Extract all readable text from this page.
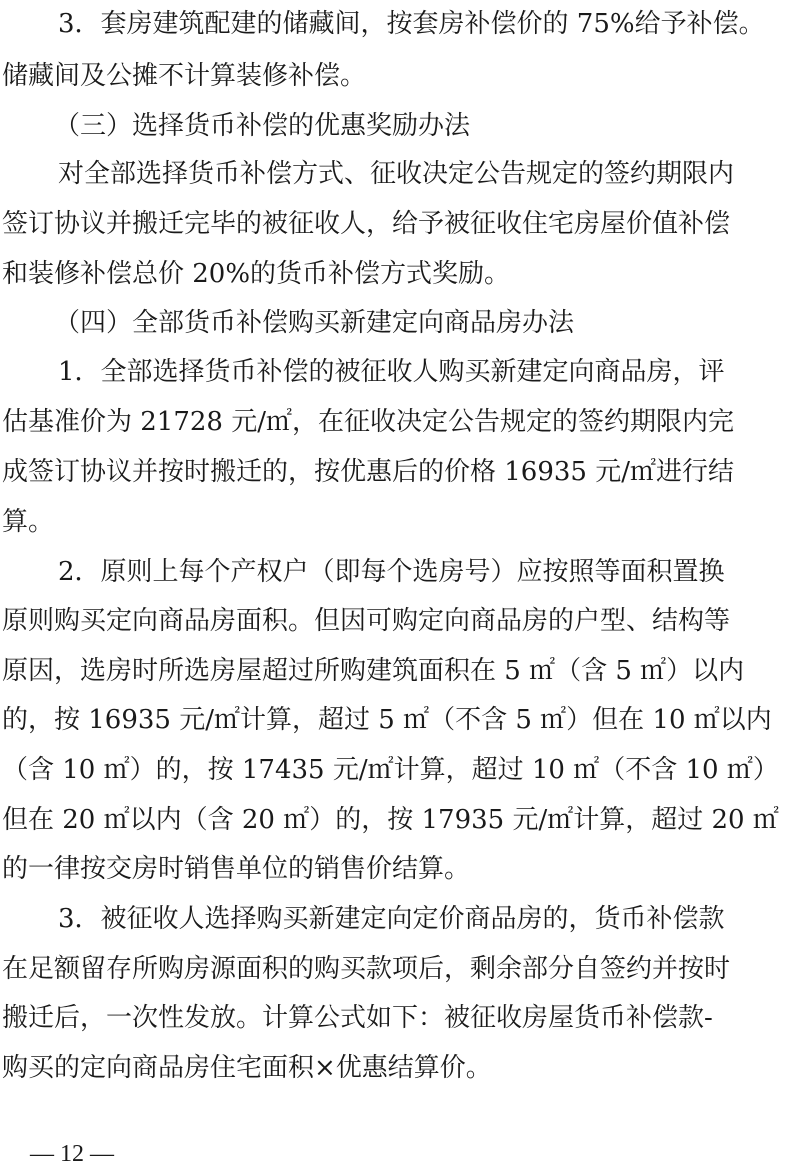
3．套房建筑配建的储藏间，按套房补偿价的 75%给予补偿。
储藏间及公摊不计算装修补偿。
（三）选择货币补偿的优惠奖励办法
对全部选择货币补偿方式、征收决定公告规定的签约期限内
签订协议并搬迁完毕的被征收人，给予被征收住宅房屋价值补偿
和装修补偿总价 20%的货币补偿方式奖励。
（四）全部货币补偿购买新建定向商品房办法
1．全部选择货币补偿的被征收人购买新建定向商品房，评
估基准价为 21728 元/㎡，在征收决定公告规定的签约期限内完
成签订协议并按时搬迁的，按优惠后的价格 16935 元/㎡进行结
算。
2．原则上每个产权户（即每个选房号）应按照等面积置换
原则购买定向商品房面积。但因可购定向商品房的户型、结构等
原因，选房时所选房屋超过所购建筑面积在 5 ㎡（含 5 ㎡）以内
的，按 16935 元/㎡计算，超过 5 ㎡（不含 5 ㎡）但在 10 ㎡以内
（含 10 ㎡）的，按 17435 元/㎡计算，超过 10 ㎡（不含 10 ㎡）
但在 20 ㎡以内（含 20 ㎡）的，按 17935 元/㎡计算，超过 20 ㎡
的一律按交房时销售单位的销售价结算。
3．被征收人选择购买新建定向定价商品房的，货币补偿款
在足额留存所购房源面积的购买款项后，剩余部分自签约并按时
搬迁后，一次性发放。计算公式如下：被征收房屋货币补偿款-
购买的定向商品房住宅面积×优惠结算价。
— 12 —
